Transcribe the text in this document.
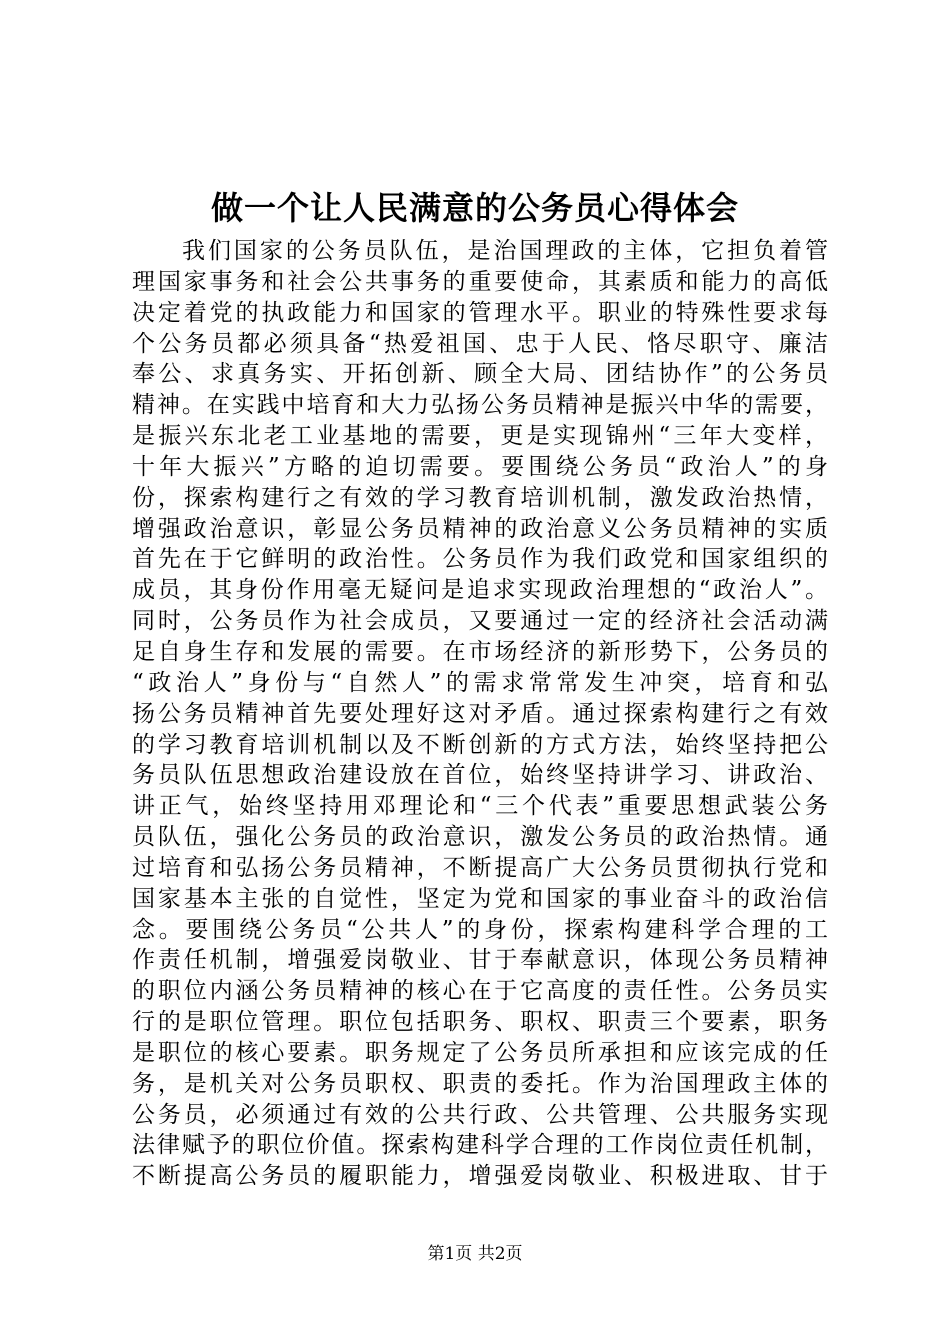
做一个让人民满意的公务员心得体会
我们国家的公务员队伍，是治国理政的主体，它担负着管
理国家事务和社会公共事务的重要使命，其素质和能力的高低
决定着党的执政能力和国家的管理水平。职业的特殊性要求每
个公务员都必须具备“热爱祖国、忠于人民、恪尽职守、廉洁
奉公、求真务实、开拓创新、顾全大局、团结协作”的公务员
精神。在实践中培育和大力弘扬公务员精神是振兴中华的需要，
是振兴东北老工业基地的需要，更是实现锦州“三年大变样，
十年大振兴”方略的迫切需要。要围绕公务员“政治人”的身
份，探索构建行之有效的学习教育培训机制，激发政治热情，
增强政治意识，彰显公务员精神的政治意义公务员精神的实质
首先在于它鲜明的政治性。公务员作为我们政党和国家组织的
成员，其身份作用毫无疑问是追求实现政治理想的“政治人”。
同时，公务员作为社会成员，又要通过一定的经济社会活动满
足自身生存和发展的需要。在市场经济的新形势下，公务员的
“政治人”身份与“自然人”的需求常常发生冲突，培育和弘
扬公务员精神首先要处理好这对矛盾。通过探索构建行之有效
的学习教育培训机制以及不断创新的方式方法，始终坚持把公
务员队伍思想政治建设放在首位，始终坚持讲学习、讲政治、
讲正气，始终坚持用邓理论和“三个代表”重要思想武装公务
员队伍，强化公务员的政治意识，激发公务员的政治热情。通
过培育和弘扬公务员精神，不断提高广大公务员贯彻执行党和
国家基本主张的自觉性，坚定为党和国家的事业奋斗的政治信
念。要围绕公务员“公共人”的身份，探索构建科学合理的工
作责任机制，增强爱岗敬业、甘于奉献意识，体现公务员精神
的职位内涵公务员精神的核心在于它高度的责任性。公务员实
行的是职位管理。职位包括职务、职权、职责三个要素，职务
是职位的核心要素。职务规定了公务员所承担和应该完成的任
务，是机关对公务员职权、职责的委托。作为治国理政主体的
公务员，必须通过有效的公共行政、公共管理、公共服务实现
法律赋予的职位价值。探索构建科学合理的工作岗位责任机制，
不断提高公务员的履职能力，增强爱岗敬业、积极进取、甘于
第1页 共2页
